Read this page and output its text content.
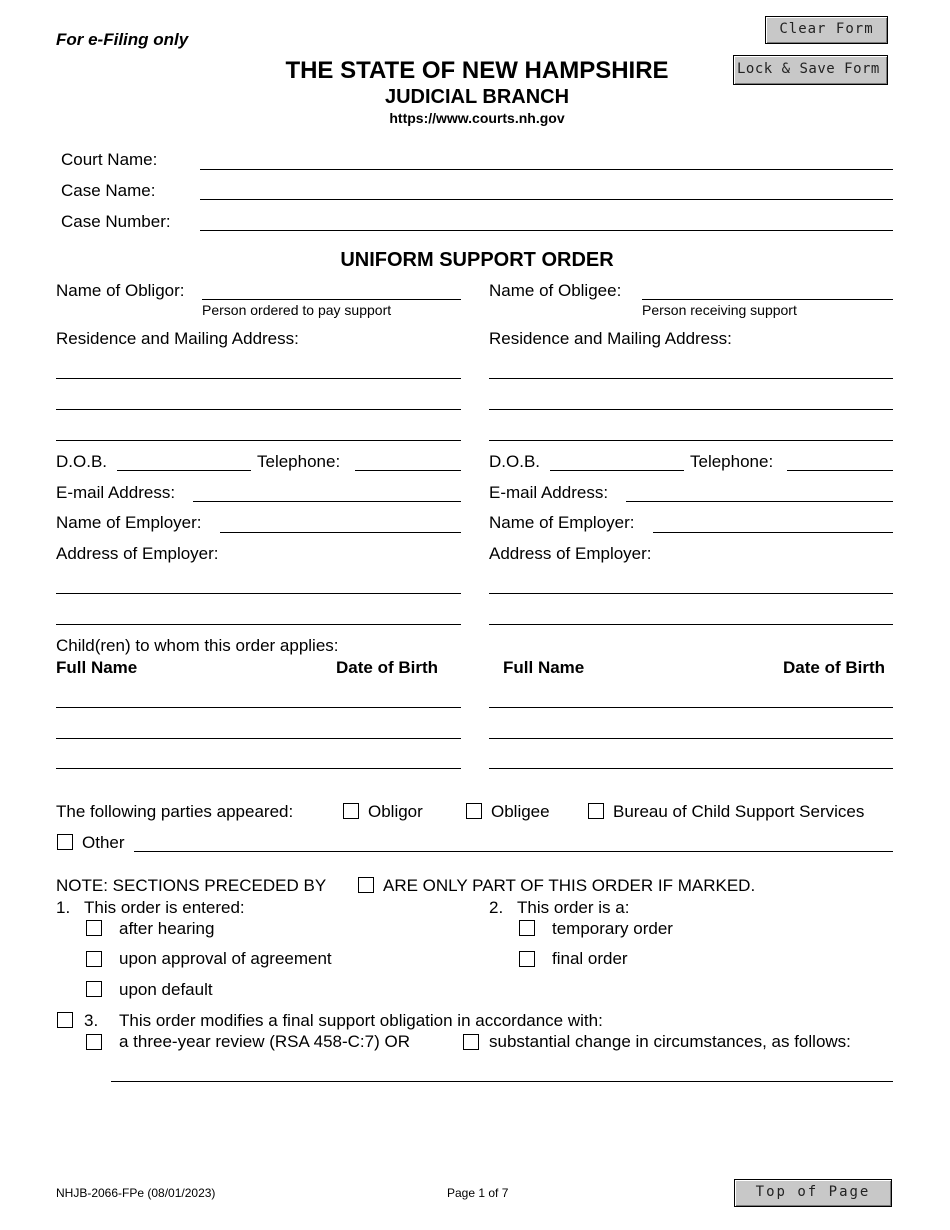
For e-Filing only
THE STATE OF NEW HAMPSHIRE
JUDICIAL BRANCH
https://www.courts.nh.gov
Clear Form
Lock & Save Form
Court Name:
Case Name:
Case Number:
UNIFORM SUPPORT ORDER
Name of Obligor:
Person ordered to pay support
Residence and Mailing Address:
D.O.B.	Telephone:
E-mail Address:
Name of Employer:
Address of Employer:
Name of Obligee:
Person receiving support
Residence and Mailing Address:
D.O.B.	Telephone:
E-mail Address:
Name of Employer:
Address of Employer:
Child(ren) to whom this order applies:
Full Name	Date of Birth	Full Name	Date of Birth
The following parties appeared:	Obligor	Obligee	Bureau of Child Support Services
Other
NOTE: SECTIONS PRECEDED BY	ARE ONLY PART OF THIS ORDER IF MARKED.
1. This order is entered:
after hearing
upon approval of agreement
upon default
2. This order is a:
temporary order
final order
3. This order modifies a final support obligation in accordance with:
a three-year review (RSA 458-C:7) OR	substantial change in circumstances, as follows:
NHJB-2066-FPe (08/01/2023)	Page 1 of 7	Top of Page
